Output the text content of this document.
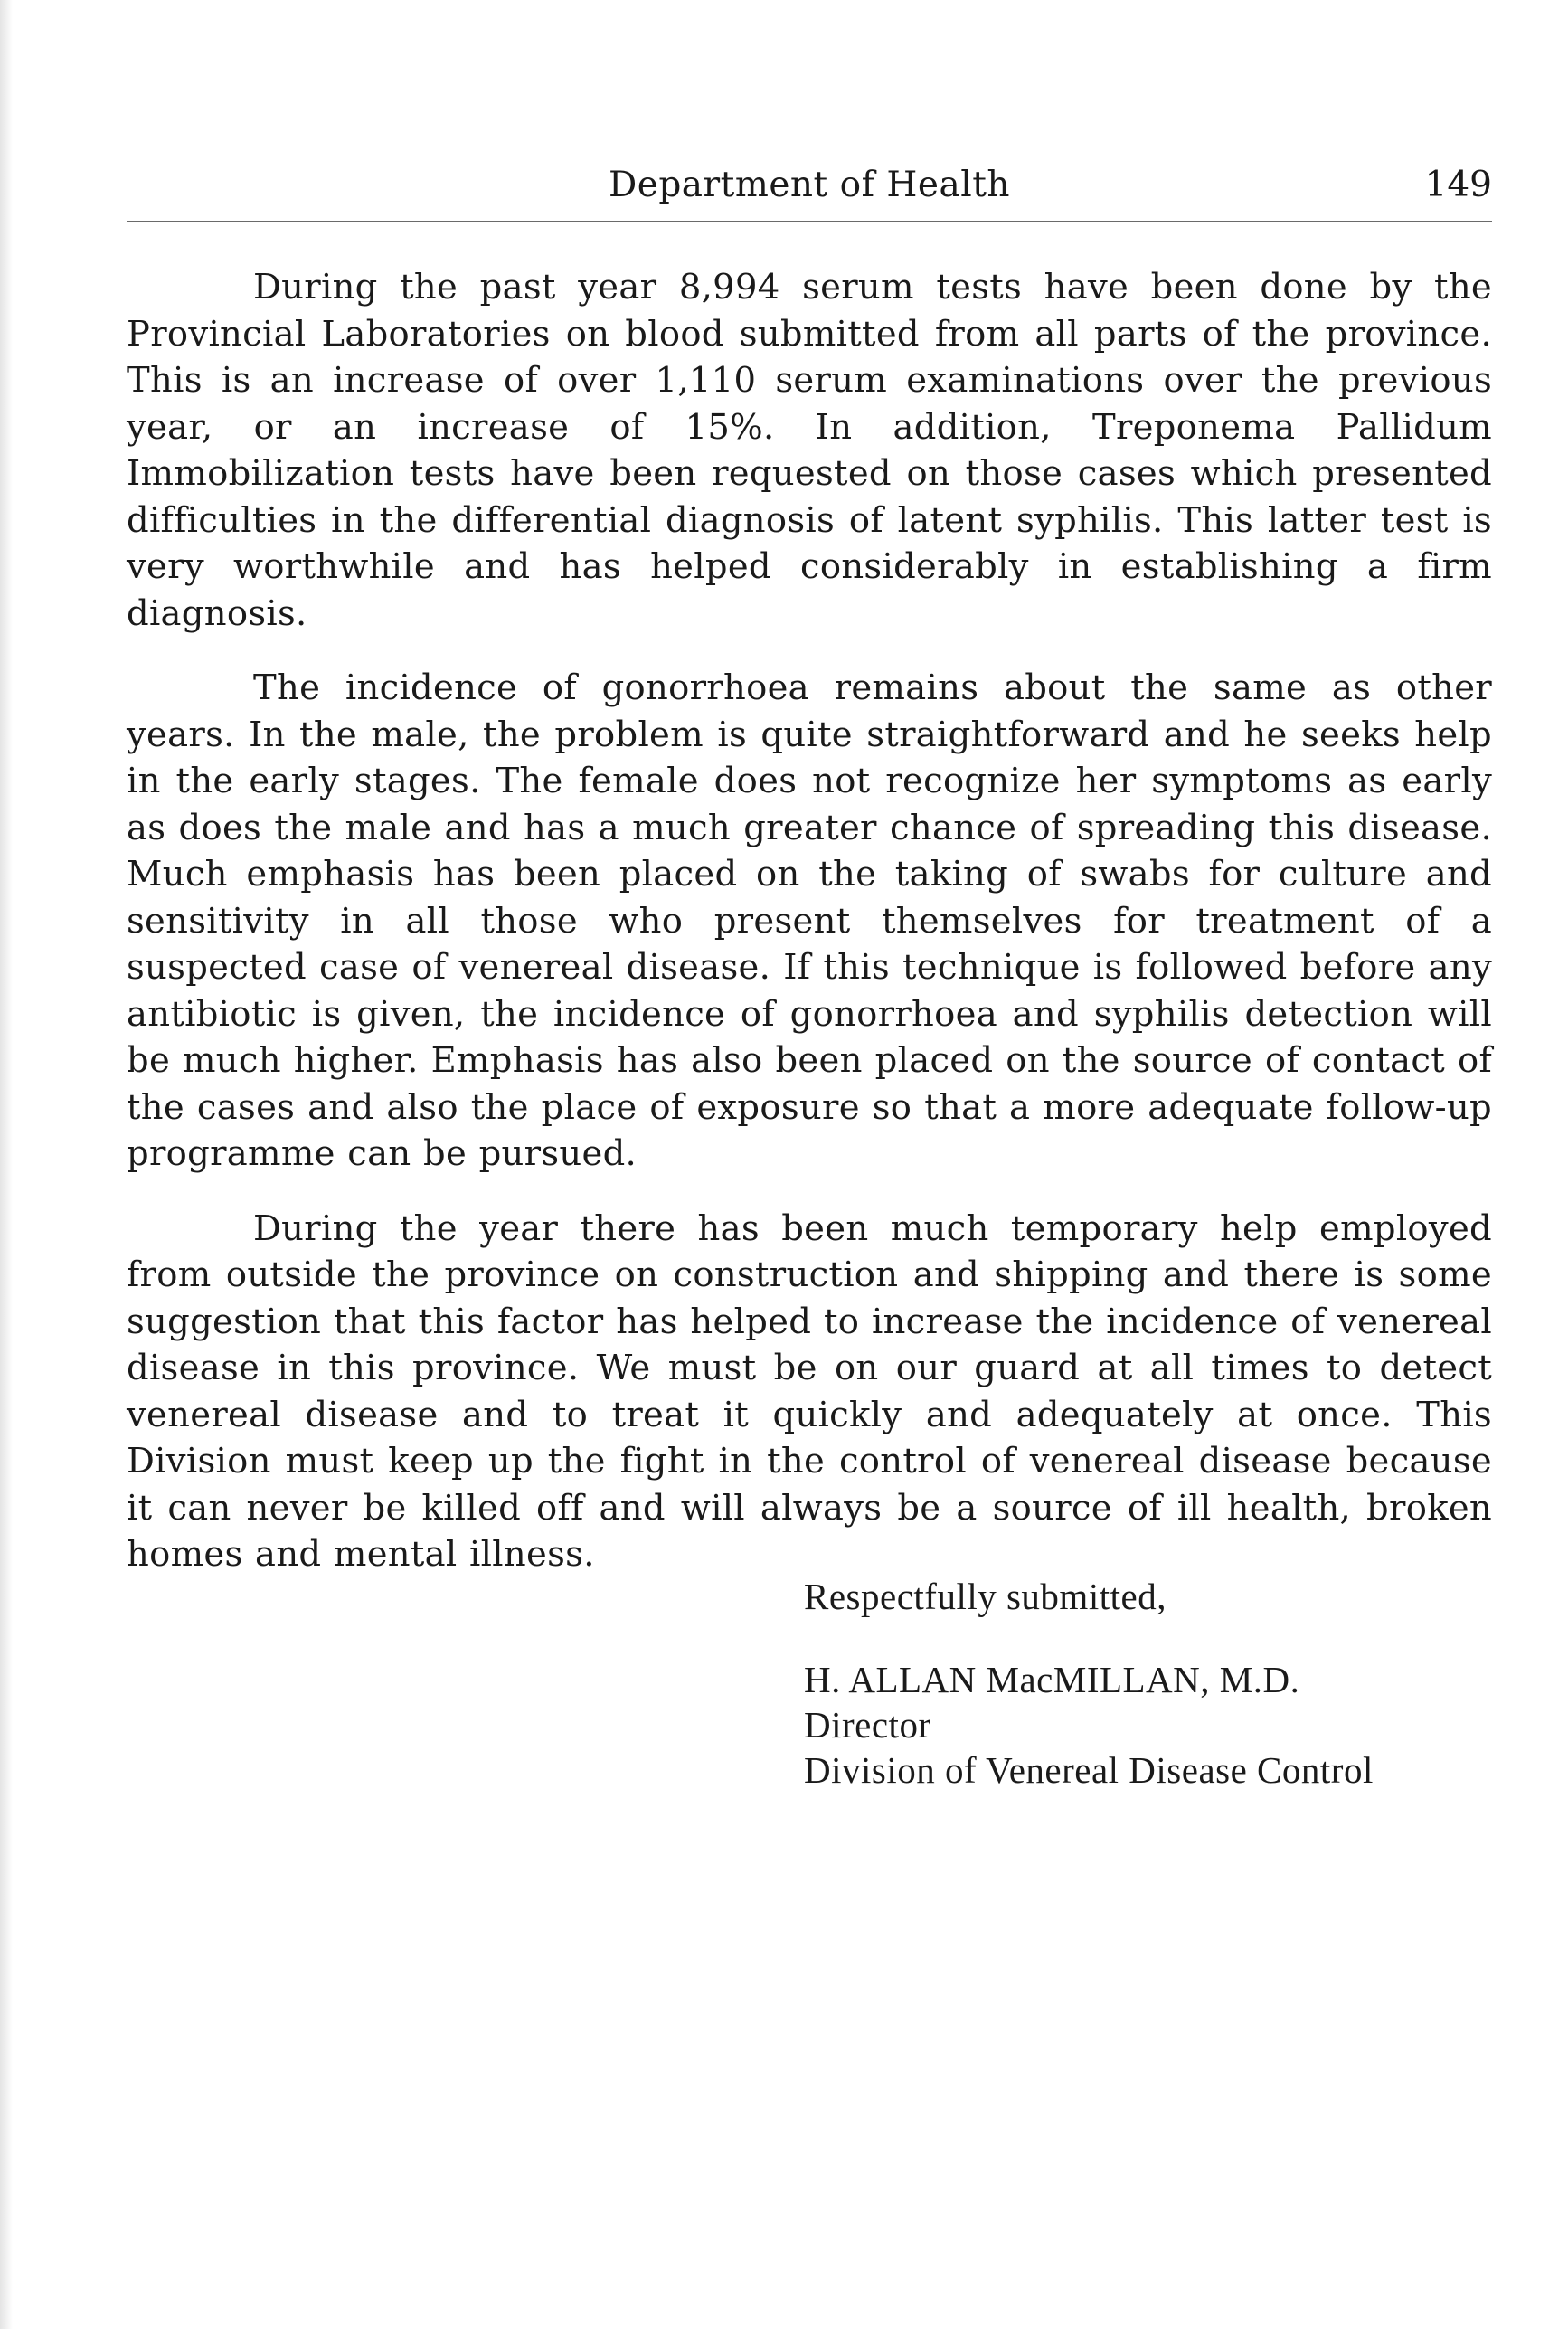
Department of Health	149

During the past year 8,994 serum tests have been done by the Provincial Laboratories on blood submitted from all parts of the province. This is an increase of over 1,110 serum examinations over the previous year, or an increase of 15%. In addition, Treponema Pallidum Immobilization tests have been requested on those cases which presented difficulties in the differential diagnosis of latent syphilis. This latter test is very worthwhile and has helped considerably in establishing a firm diagnosis.

The incidence of gonorrhoea remains about the same as other years. In the male, the problem is quite straightforward and he seeks help in the early stages. The female does not recognize her symptoms as early as does the male and has a much greater chance of spreading this disease. Much emphasis has been placed on the taking of swabs for culture and sensitivity in all those who present themselves for treatment of a suspected case of venereal disease. If this technique is followed before any antibiotic is given, the incidence of gonorrhoea and syphilis detection will be much higher. Emphasis has also been placed on the source of contact of the cases and also the place of exposure so that a more adequate follow-up programme can be pursued.

During the year there has been much temporary help employed from outside the province on construction and shipping and there is some suggestion that this factor has helped to increase the incidence of venereal disease in this province. We must be on our guard at all times to detect venereal disease and to treat it quickly and adequately at once. This Division must keep up the fight in the control of venereal disease because it can never be killed off and will always be a source of ill health, broken homes and mental illness.

Respectfully submitted,
H. ALLAN MacMILLAN, M.D.
Director
Division of Venereal Disease Control
